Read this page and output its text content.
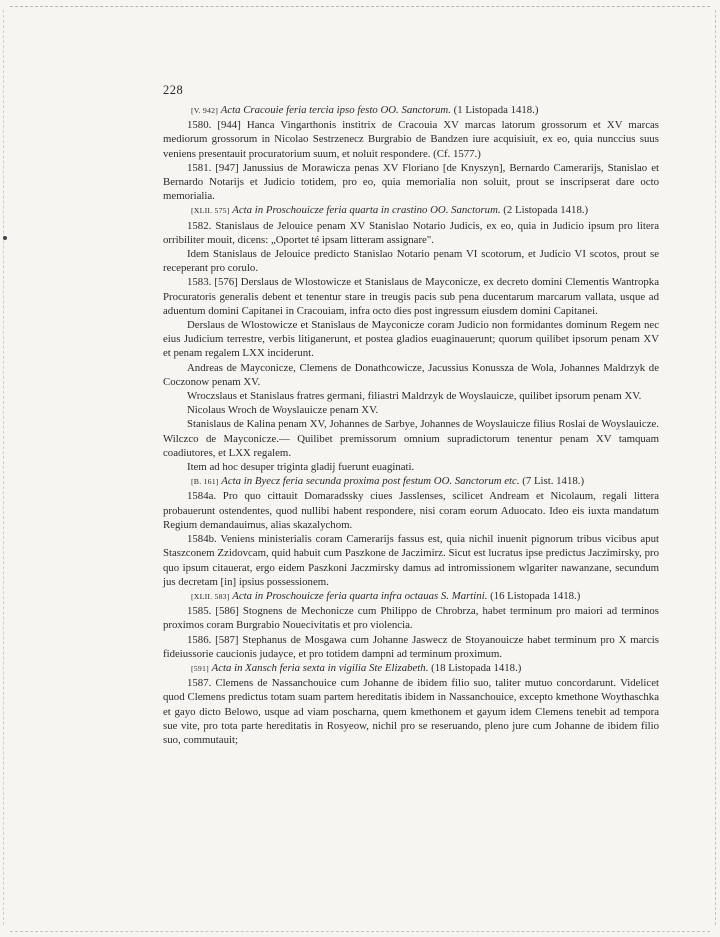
228

[V. 942] Acta Cracouie feria tercia ipso festo OO. Sanctorum. (1 Listopada 1418.)

1580. [944] Hanca Vingarthonis institrix de Cracouia XV marcas latorum grossorum et XV marcas mediorum grossorum in Nicolao Sestrzenecz Burgrabio de Bandzen iure acquisiuit, ex eo, quia nunccius suus veniens presentauit procuratorium suum, et noluit respondere. (Cf. 1577.)

1581. [947] Janussius de Morawicza penas XV Floriano [de Knyszyn], Bernardo Camerarijs, Stanislao et Bernardo Notarijs et Judicio totidem, pro eo, quia memorialia non soluit, prout se inscripserat dare octo memorialia.

[XLII. 575] Acta in Proschouicze feria quarta in crastino OO. Sanctorum. (2 Listopada 1418.)

1582. Stanislaus de Jelouice penam XV Stanislao Notario Judicis, ex eo, quia in Judicio ipsum pro litera orribiliter mouit, dicens: „Oportet té ipsam litteram assignare".

Idem Stanislaus de Jelouice predicto Stanislao Notario penam VI scotorum, et Judicio VI scotos, prout se receperant pro corulo.

1583. [576] Derslaus de Wlostowicze et Stanislaus de Mayconicze, ex decreto domini Clementis Wantropka Procuratoris generalis debent et tenentur stare in treugis pacis sub pena ducentarum marcarum vallata, usque ad aduentum domini Capitanei in Cracouiam, infra octo dies post ingressum eiusdem domini Capitanei.

Derslaus de Wlostowicze et Stanislaus de Mayconicze coram Judicio non formidantes dominum Regem nec eius Judicium terrestre, verbis litiganerunt, et postea gladios euaginauerunt; quorum quilibet ipsorum penam XV et penam regalem LXX inciderunt.

Andreas de Mayconicze, Clemens de Donathcowicze, Jacussius Konussza de Wola, Johannes Maldrzyk de Coczonow penam XV.

Wroczslaus et Stanislaus fratres germani, filiastri Maldrzyk de Woyslauicze, quilibet ipsorum penam XV.

Nicolaus Wroch de Woyslauicze penam XV.

Stanislaus de Kalina penam XV, Johannes de Sarbye, Johannes de Woyslauicze filius Roslai de Woyslauicze. Wilczco de Mayconicze.— Quilibet premissorum omnium supradictorum tenentur penam XV tamquam coadiutores, et LXX regalem.

Item ad hoc desuper triginta gladij fuerunt euaginati.

[B. 161] Acta in Byecz feria secunda proxima post festum OO. Sanctorum etc. (7 List. 1418.)

1584a. Pro quo cittauit Domaradssky ciues Jasslenses, scilicet Andream et Nicolaum, regali littera probauerunt ostendentes, quod nullibi habent respondere, nisi coram eorum Aduocato. Ideo eis iuxta mandatum Regium demandauimus, alias skazalychom.

1584b. Veniens ministerialis coram Camerarijs fassus est, quia nichil inuenit pignorum tribus vicibus aput Staszconem Zzidovcam, quid habuit cum Paszkone de Jaczimirz. Sicut est lucratus ipse predictus Jaczimirsky, pro quo ipsum citauerat, ergo eidem Paszkoni Jaczmirsky damus ad intromissionem wlgariter nawanzane, secundum jus decretam [in] ipsius possessionem.

[XLII. 583] Acta in Proschouicze feria quarta infra octauas S. Martini. (16 Listopada 1418.)

1585. [586] Stognens de Mechonicze cum Philippo de Chrobrza, habet terminum pro maiori ad terminos proximos coram Burgrabio Nouecivitatis et pro violencia.

1586. [587] Stephanus de Mosgawa cum Johanne Jaswecz de Stoyanouicze habet terminum pro X marcis fideiussorie caucionis judayce, et pro totidem dampni ad terminum proximum.

[591] Acta in Xansch feria sexta in vigilia Ste Elizabeth. (18 Listopada 1418.)

1587. Clemens de Nassanchouice cum Johanne de ibidem filio suo, taliter mutuo concordarunt. Videlicet quod Clemens predictus totam suam partem hereditatis ibidem in Nassanchouice, excepto kmethone Woythaschka et gayo dicto Belowo, usque ad viam poscharna, quem kmethonem et gayum idem Clemens tenebit ad tempora sue vite, pro tota parte hereditatis in Rosyeow, nichil pro se reseruando, pleno jure cum Johanne de ibidem filio suo, commutauit;
